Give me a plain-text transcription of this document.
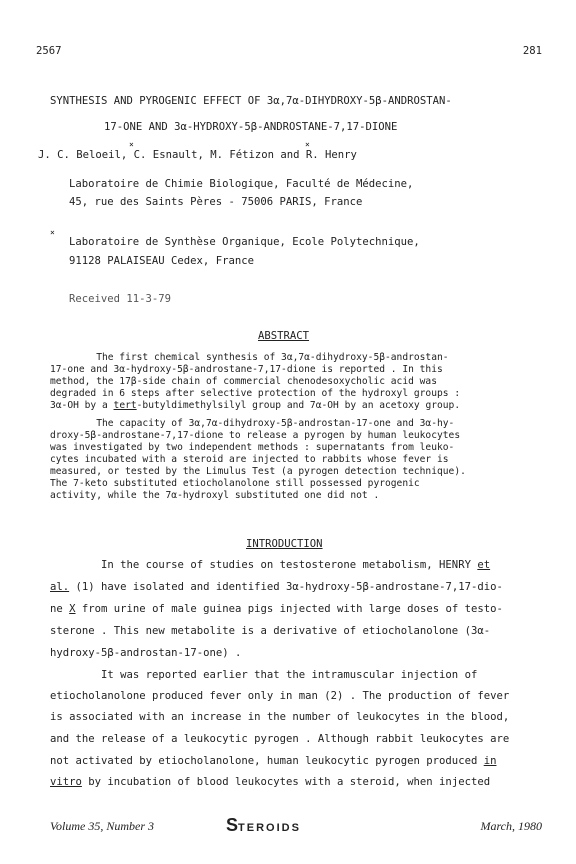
2567	281
SYNTHESIS AND PYROGENIC EFFECT OF 3α,7α-DIHYDROXY-5β-ANDROSTAN-
17-ONE AND 3α-HYDROXY-5β-ANDROSTANE-7,17-DIONE
J. C. Beloeil, C. Esnault, M. Fétizon and R. Henry
×	×
Laboratoire de Chimie Biologique, Faculté de Médecine,
45, rue des Saints Pères - 75006 PARIS, France
×
Laboratoire de Synthèse Organique, Ecole Polytechnique,
91128 PALAISEAU Cedex, France
Received 11-3-79
ABSTRACT
The first chemical synthesis of 3α,7α-dihydroxy-5β-androstan-
17-one and 3α-hydroxy-5β-androstane-7,17-dione is reported . In this
method, the 17β-side chain of commercial chenodesoxycholic acid was
degraded in 6 steps after selective protection of the hydroxyl groups :
3α-OH by a tert-butyldimethylsilyl group and 7α-OH by an acetoxy group.
The capacity of 3α,7α-dihydroxy-5β-androstan-17-one and 3α-hy-
droxy-5β-androstane-7,17-dione to release a pyrogen by human leukocytes
was investigated by two independent methods : supernatants from leuko-
cytes incubated with a steroid are injected to rabbits whose fever is
measured, or tested by the Limulus Test (a pyrogen detection technique).
The 7-keto substituted etiocholanolone still possessed pyrogenic
activity, while the 7α-hydroxyl substituted one did not .
INTRODUCTION
In the course of studies on testosterone metabolism, HENRY et
al. (1) have isolated and identified 3α-hydroxy-5β-androstane-7,17-dio-
ne X from urine of male guinea pigs injected with large doses of testo-
sterone . This new metabolite is a derivative of etiocholanolone (3α-
hydroxy-5β-androstan-17-one) .
It was reported earlier that the intramuscular injection of
etiocholanolone produced fever only in man (2) . The production of fever
is associated with an increase in the number of leukocytes in the blood,
and the release of a leukocytic pyrogen . Although rabbit leukocytes are
not activated by etiocholanolone, human leukocytic pyrogen produced in
vitro by incubation of blood leukocytes with a steroid, when injected
Volume 35, Number 3	STEROIDS	March, 1980
